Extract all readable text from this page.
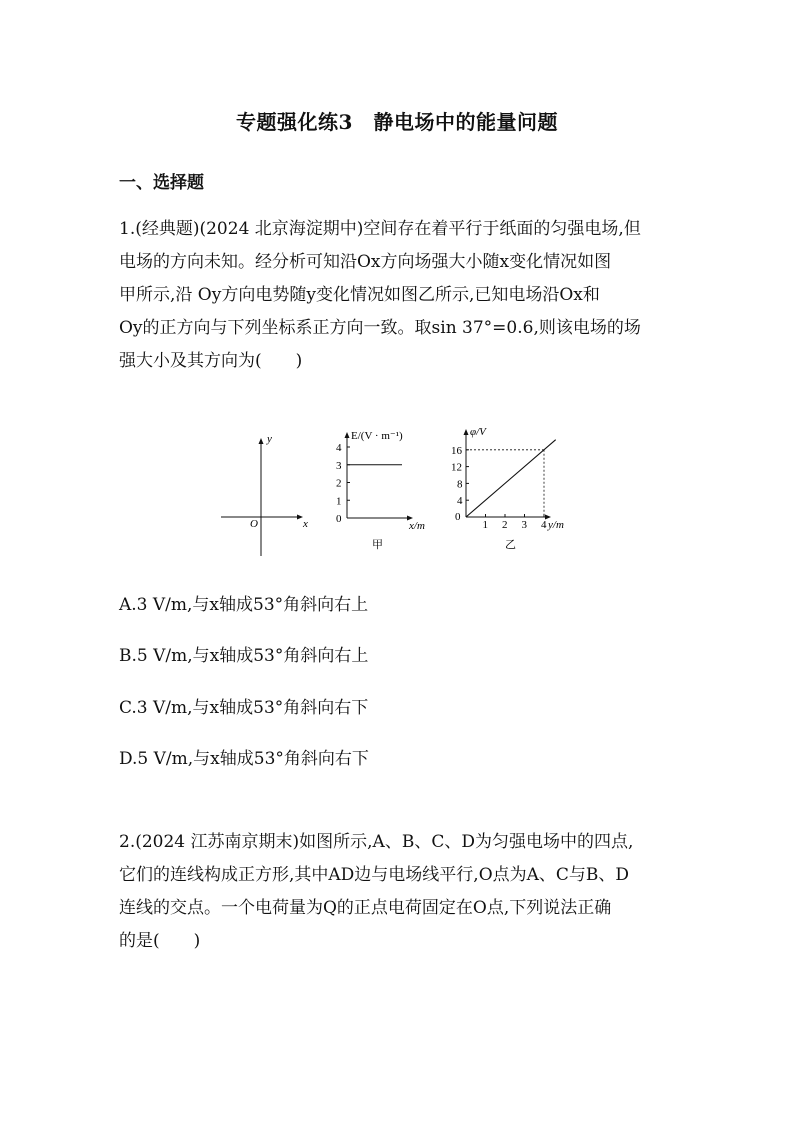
专题强化练3　静电场中的能量问题
一、选择题
1.(经典题)(2024 北京海淀期中)空间存在着平行于纸面的匀强电场,但
电场的方向未知。经分析可知沿Ox方向场强大小随x变化情况如图
甲所示,沿 Oy方向电势随y变化情况如图乙所示,已知电场沿Ox和
Oy的正方向与下列坐标系正方向一致。取sin 37°=0.6,则该电场的场
强大小及其方向为(　　)
O	x
y	E/(V · m⁻¹)
x/m
甲
0
1
2
3
4
φ/V
y/m
0
乙
1 2 3 4
4
8
12
16
A.3 V/m,与x轴成53°角斜向右上
B.5 V/m,与x轴成53°角斜向右上
C.3 V/m,与x轴成53°角斜向右下
D.5 V/m,与x轴成53°角斜向右下
2.(2024 江苏南京期末)如图所示,A、B、C、D为匀强电场中的四点,
它们的连线构成正方形,其中AD边与电场线平行,O点为A、C与B、D
连线的交点。一个电荷量为Q的正点电荷固定在O点,下列说法正确
的是(　　)
